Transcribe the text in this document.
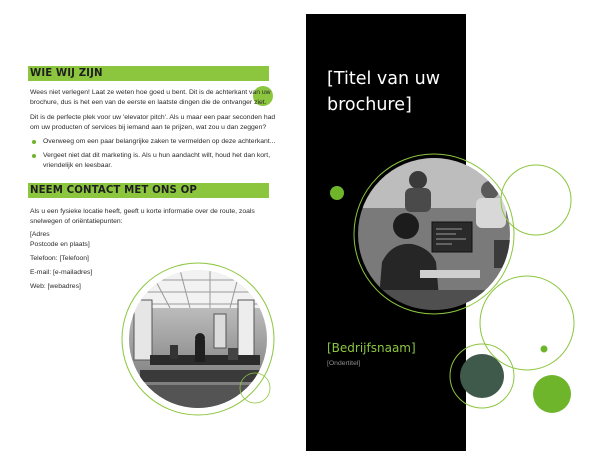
WIE WIJ ZIJN
Wees niet verlegen! Laat ze weten hoe goed u bent. Dit is de achterkant van uw
brochure, dus is het een van de eerste en laatste dingen die de ontvanger ziet.
Dit is de perfecte plek voor uw 'elevator pitch'. Als u maar een paar seconden had
om uw producten of services bij iemand aan te prijzen, wat zou u dan zeggen?
Overweeg om een paar belangrijke zaken te vermelden op deze achterkant...
Vergeet niet dat dit marketing is. Als u hun aandacht wilt, houd het dan kort,
vriendelijk en leesbaar.
NEEM CONTACT MET ONS OP
Als u een fysieke locatie heeft, geeft u korte informatie over de route, zoals
snelwegen of oriëntatiepunten:
[Adres
Postcode en plaats]
Telefoon: [Telefoon]
E-mail: [e-mailadres]
Web: [webadres]
[Titel van uw
brochure]
[Bedrijfsnaam]
[Ondertitel]
